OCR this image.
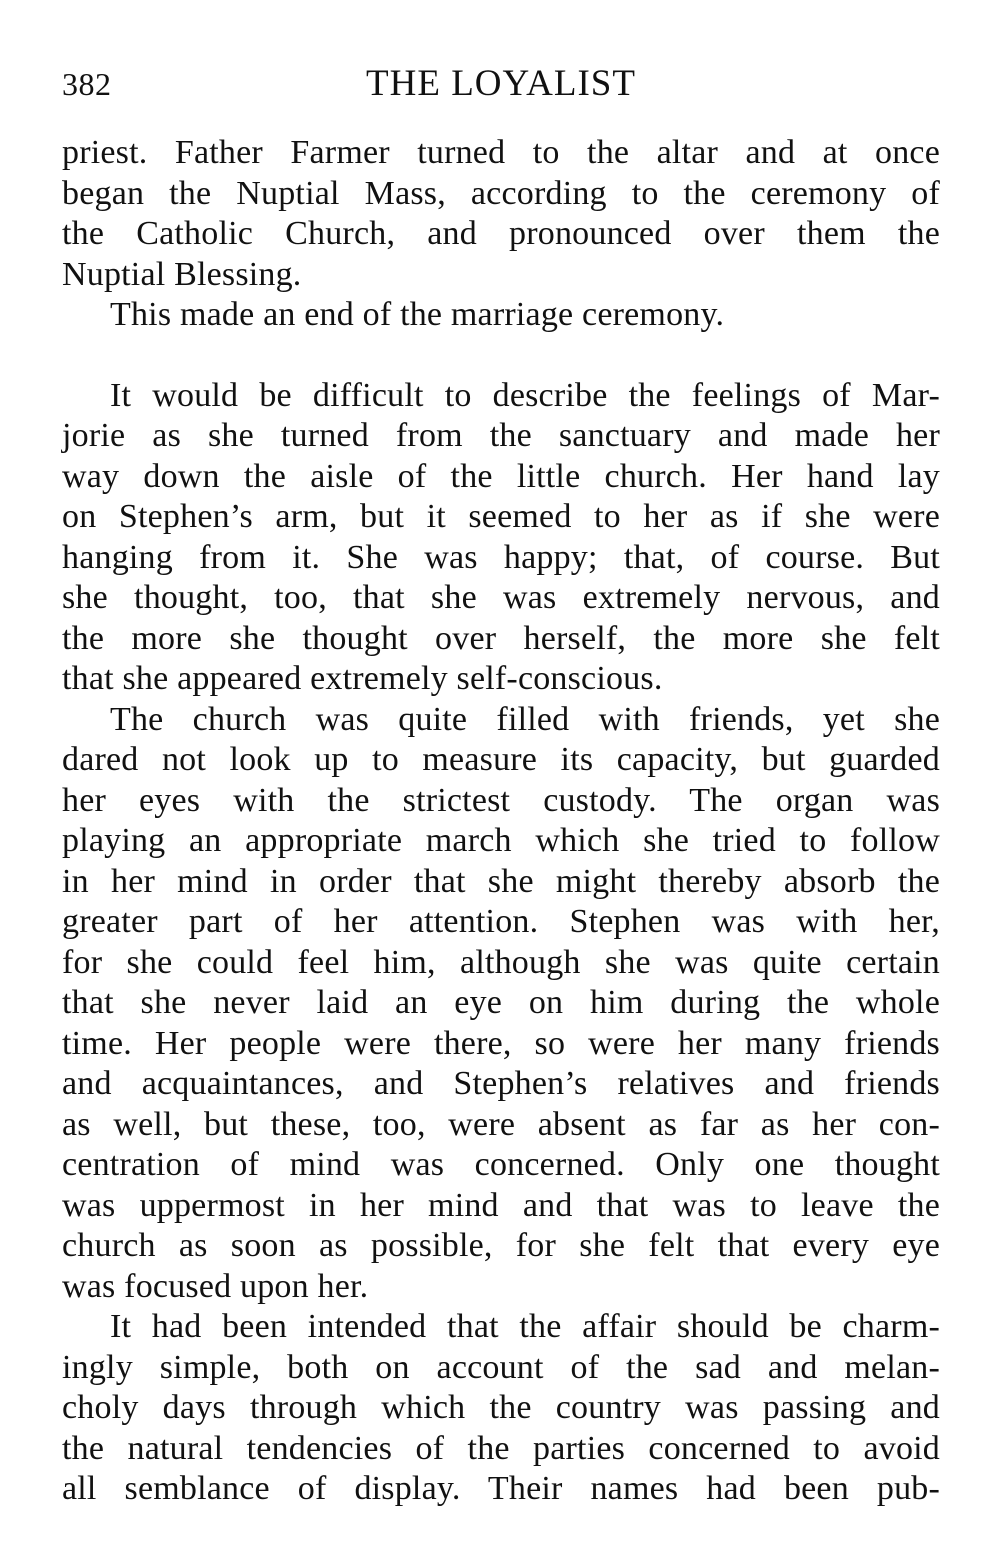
382	THE LOYALIST
priest. Father Farmer turned to the altar and at once
began the Nuptial Mass, according to the ceremony of
the Catholic Church, and pronounced over them the
Nuptial Blessing.
This made an end of the marriage ceremony.
It would be difficult to describe the feelings of Mar-
jorie as she turned from the sanctuary and made her
way down the aisle of the little church. Her hand lay
on Stephen’s arm, but it seemed to her as if she were
hanging from it. She was happy; that, of course. But
she thought, too, that she was extremely nervous, and
the more she thought over herself, the more she felt
that she appeared extremely self-conscious.
The church was quite filled with friends, yet she
dared not look up to measure its capacity, but guarded
her eyes with the strictest custody. The organ was
playing an appropriate march which she tried to follow
in her mind in order that she might thereby absorb the
greater part of her attention. Stephen was with her,
for she could feel him, although she was quite certain
that she never laid an eye on him during the whole
time. Her people were there, so were her many friends
and acquaintances, and Stephen’s relatives and friends
as well, but these, too, were absent as far as her con-
centration of mind was concerned. Only one thought
was uppermost in her mind and that was to leave the
church as soon as possible, for she felt that every eye
was focused upon her.
It had been intended that the affair should be charm-
ingly simple, both on account of the sad and melan-
choly days through which the country was passing and
the natural tendencies of the parties concerned to avoid
all semblance of display. Their names had been pub-
